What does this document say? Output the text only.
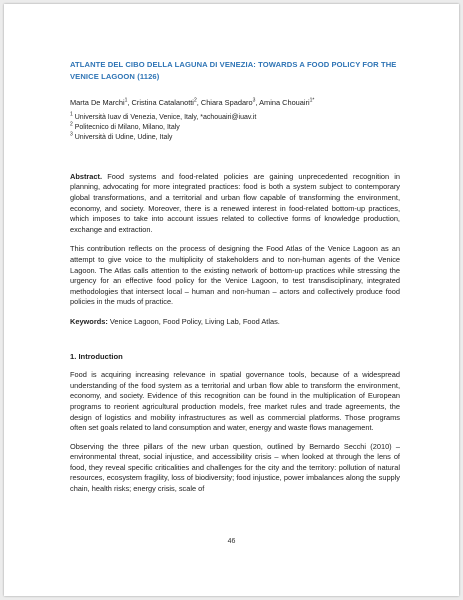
ATLANTE DEL CIBO DELLA LAGUNA DI VENEZIA: TOWARDS A FOOD POLICY FOR THE VENICE LAGOON (1126)
Marta De Marchi$^1$, Cristina Catalanotti$^2$, Chiara Spadaro$^3$, Amina Chouairi$^{1*}$
$^1$ Università Iuav di Venezia, Venice, Italy, *achouairi@iuav.it
$^2$ Politecnico di Milano, Milano, Italy
$^3$ Università di Udine, Udine, Italy

Abstract. Food systems and food-related policies are gaining unprecedented recognition in planning, advocating for more integrated practices: food is both a system subject to contemporary global transformations, and a territorial and urban flow capable of transforming the environment, economy, and society. Moreover, there is a renewed interest in food-related bottom-up practices, which imposes to take into account issues related to collective forms of knowledge production, exchange and extraction.

This contribution reflects on the process of designing the Food Atlas of the Venice Lagoon as an attempt to give voice to the multiplicity of stakeholders and to non-human agents of the Venice Lagoon. The Atlas calls attention to the existing network of bottom-up practices while stressing the urgency for an effective food policy for the Venice Lagoon, to test transdisciplinary, integrated methodologies that intersect local – human and non-human – actors and collectively produce food policies in the muds of practice.

Keywords: Venice Lagoon, Food Policy, Living Lab, Food Atlas.

1. Introduction

Food is acquiring increasing relevance in spatial governance tools, because of a widespread understanding of the food system as a territorial and urban flow able to transform the environment, economy, and society. Evidence of this recognition can be found in the multiplication of European programs to reorient agricultural production models, free market rules and trade agreements, the design of logistics and mobility infrastructures as well as commercial platforms. Those programs often set goals related to land consumption and water, energy and waste flows management.

Observing the three pillars of the new urban question, outlined by Bernardo Secchi (2010) – environmental threat, social injustice, and accessibility crisis – when looked at through the lens of food, they reveal specific criticalities and challenges for the city and the territory: pollution of natural resources, ecosystem fragility, loss of biodiversity; food injustice, power imbalances along the supply chain, health risks; energy crisis, scale of

46
